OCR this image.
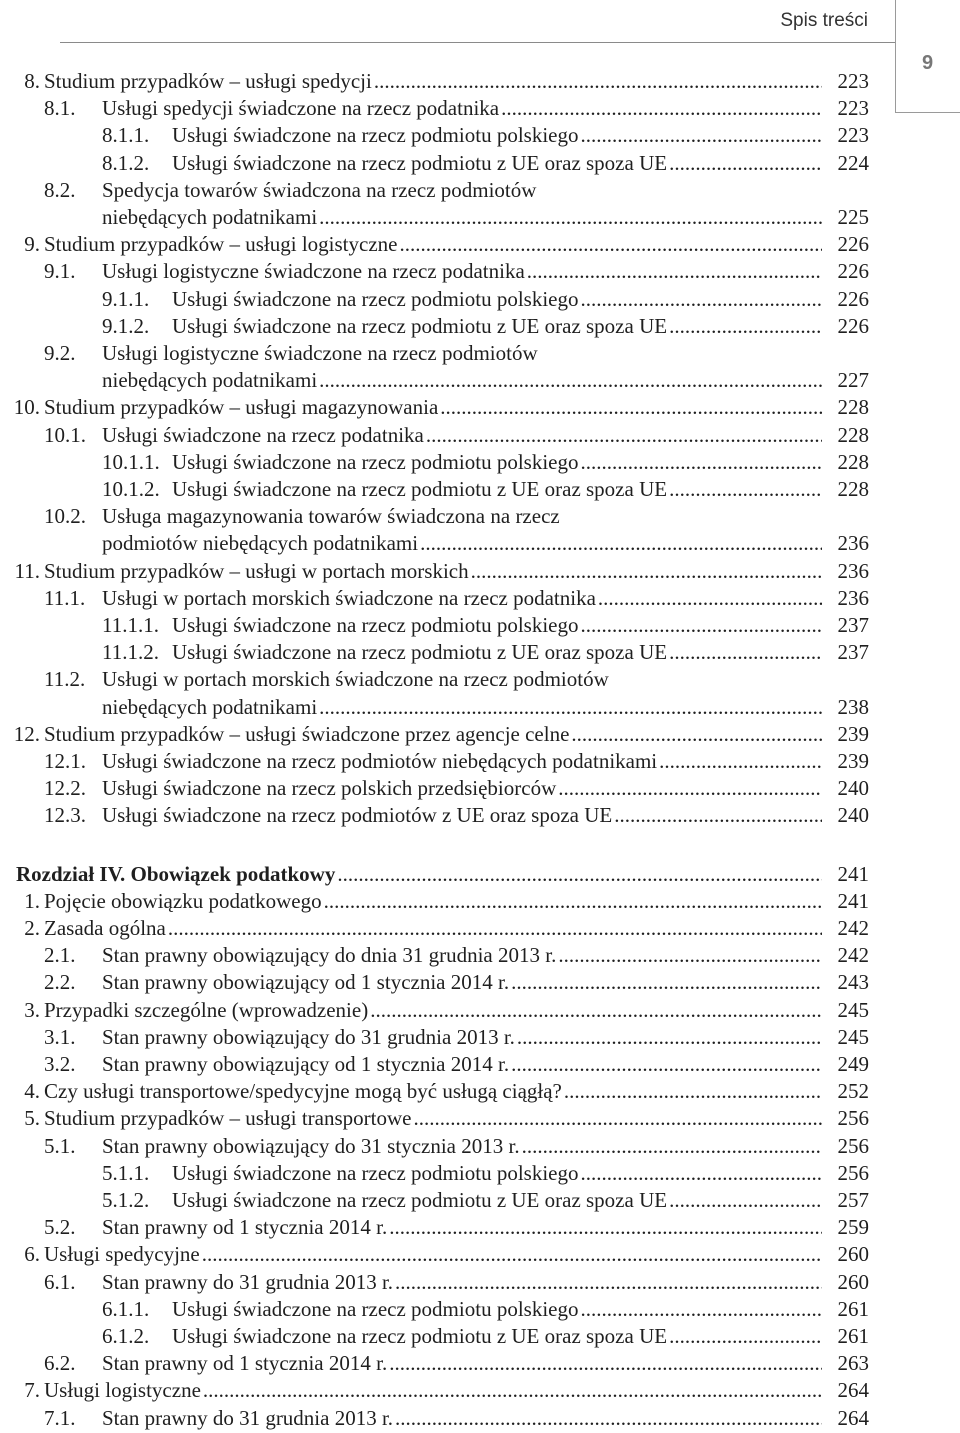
Spis treści
9
8. Studium przypadków – usługi spedycji .....	223
8.1. Usługi spedycji świadczone na rzecz podatnika .....	223
8.1.1. Usługi świadczone na rzecz podmiotu polskiego .....	223
8.1.2. Usługi świadczone na rzecz podmiotu z UE oraz spoza UE .....	224
8.2. Spedycja towarów świadczona na rzecz podmiotów
niebędących podatnikami .....	225
9. Studium przypadków – usługi logistyczne .....	226
9.1. Usługi logistyczne świadczone na rzecz podatnika .....	226
9.1.1. Usługi świadczone na rzecz podmiotu polskiego .....	226
9.1.2. Usługi świadczone na rzecz podmiotu z UE oraz spoza UE .....	226
9.2. Usługi logistyczne świadczone na rzecz podmiotów
niebędących podatnikami .....	227
10. Studium przypadków – usługi magazynowania .....	228
10.1. Usługi świadczone na rzecz podatnika .....	228
10.1.1. Usługi świadczone na rzecz podmiotu polskiego .....	228
10.1.2. Usługi świadczone na rzecz podmiotu z UE oraz spoza UE .....	228
10.2. Usługa magazynowania towarów świadczona na rzecz
podmiotów niebędących podatnikami .....	236
11. Studium przypadków – usługi w portach morskich .....	236
11.1. Usługi w portach morskich świadczone na rzecz podatnika .....	236
11.1.1. Usługi świadczone na rzecz podmiotu polskiego .....	237
11.1.2. Usługi świadczone na rzecz podmiotu z UE oraz spoza UE .....	237
11.2. Usługi w portach morskich świadczone na rzecz podmiotów
niebędących podatnikami .....	238
12. Studium przypadków – usługi świadczone przez agencje celne .....	239
12.1. Usługi świadczone na rzecz podmiotów niebędących podatnikami .....	239
12.2. Usługi świadczone na rzecz polskich przedsiębiorców .....	240
12.3. Usługi świadczone na rzecz podmiotów z UE oraz spoza UE .....	240
Rozdział IV. Obowiązek podatkowy .....	241
1. Pojęcie obowiązku podatkowego .....	241
2. Zasada ogólna .....	242
2.1. Stan prawny obowiązujący do dnia 31 grudnia 2013 r. .....	242
2.2. Stan prawny obowiązujący od 1 stycznia 2014 r. .....	243
3. Przypadki szczególne (wprowadzenie) .....	245
3.1. Stan prawny obowiązujący do 31 grudnia 2013 r. .....	245
3.2. Stan prawny obowiązujący od 1 stycznia 2014 r. .....	249
4. Czy usługi transportowe/spedycyjne mogą być usługą ciągłą? .....	252
5. Studium przypadków – usługi transportowe .....	256
5.1. Stan prawny obowiązujący do 31 stycznia 2013 r. .....	256
5.1.1. Usługi świadczone na rzecz podmiotu polskiego .....	256
5.1.2. Usługi świadczone na rzecz podmiotu z UE oraz spoza UE .....	257
5.2. Stan prawny od 1 stycznia 2014 r. .....	259
6. Usługi spedycyjne .....	260
6.1. Stan prawny do 31 grudnia 2013 r. .....	260
6.1.1. Usługi świadczone na rzecz podmiotu polskiego .....	261
6.1.2. Usługi świadczone na rzecz podmiotu z UE oraz spoza UE .....	261
6.2. Stan prawny od 1 stycznia 2014 r. .....	263
7. Usługi logistyczne .....	264
7.1. Stan prawny do 31 grudnia 2013 r. .....	264
